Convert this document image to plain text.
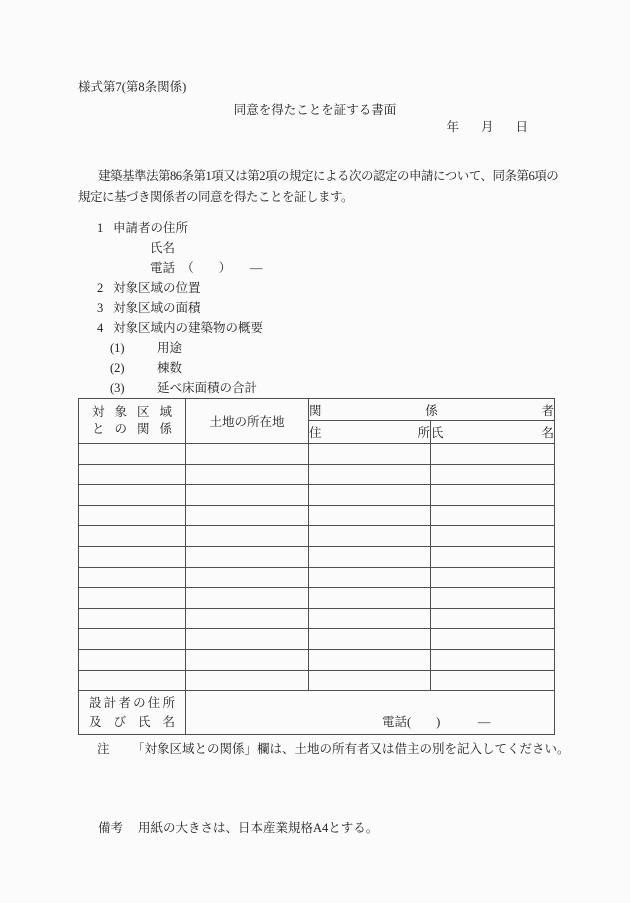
様式第7(第8条関係)
同意を得たことを証する書面
年 月 日
建築基準法第86条第1項又は第2項の規定による次の認定の申請について、同条第6項の
規定に基づき関係者の同意を得たことを証します。
1 申請者の住所
氏名
電話　（　　）　　―
2 対象区域の位置
3 対象区域の面積
4 対象区域内の建築物の概要
(1)	用途
(2)	棟数
(3)	延べ床面積の合計
対象区域
との関係	土地の所在地	関係者	
		住所	氏名

設計者の住所
及び氏名	電話(　　)　　　―		
注 「対象区域との関係」欄は、土地の所有者又は借主の別を記入してください。
備考 用紙の大きさは、日本産業規格A4とする。
